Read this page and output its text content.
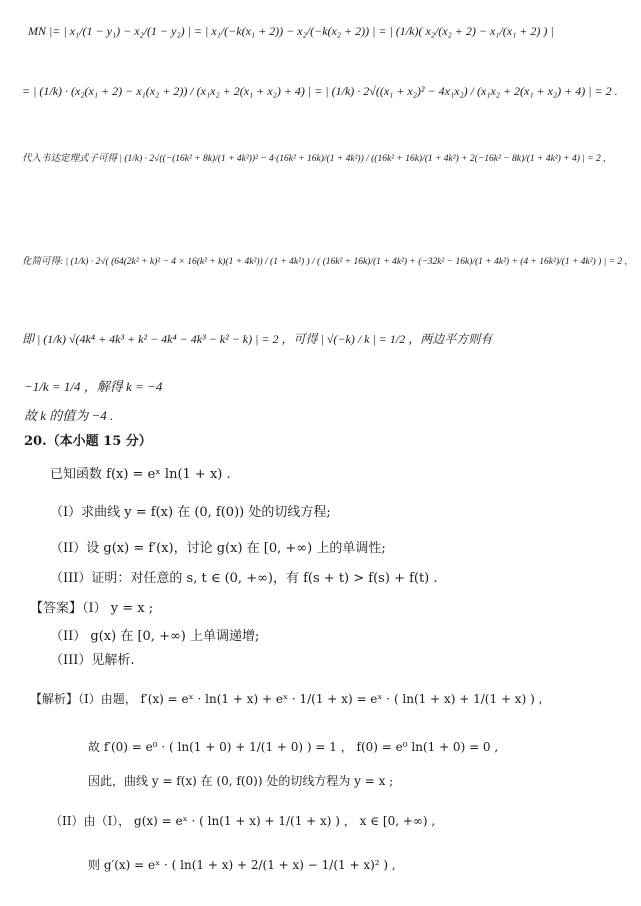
MN |= | x₁/(1 − y₁) − x₂/(1 − y₂) | = | x₁/(−k(x₁ + 2)) − x₂/(−k(x₂ + 2)) | = | (1/k)( x₂/(x₂ + 2) − x₁/(x₁ + 2) ) |
= | (1/k) · (x₂(x₁ + 2) − x₁(x₂ + 2)) / (x₁x₂ + 2(x₁ + x₂) + 4) | = | (1/k) · 2√((x₁ + x₂)² − 4x₁x₂) / (x₁x₂ + 2(x₁ + x₂) + 4) | = 2 .
代入韦达定理式子可得 | (1/k) · 2√((−(16k² + 8k)/(1 + 4k²))² − 4·(16k² + 16k)/(1 + 4k²)) / ((16k² + 16k)/(1 + 4k²) + 2(−16k² − 8k)/(1 + 4k²) + 4) | = 2 ,
化简可得: | (1/k) · 2√( (64(2k² + k)² − 4 × 16(k² + k)(1 + 4k²)) / (1 + 4k²) ) / ( (16k² + 16k)/(1 + 4k²) + (−32k² − 16k)/(1 + 4k²) + (4 + 16k²)/(1 + 4k²) ) | = 2 ,
即 | (1/k) √(4k⁴ + 4k³ + k² − 4k⁴ − 4k³ − k² − k) | = 2 ，可得 | √(−k) / k | = 1/2 ，两边平方则有
−1/k = 1/4 ，解得 k = −4
故 k 的值为 −4 .
20.（本小题 15 分）
已知函数 f(x) = eˣ ln(1 + x) .
（I）求曲线 y = f(x) 在 (0, f(0)) 处的切线方程;
（II）设 g(x) = f′(x)，讨论 g(x) 在 [0, +∞) 上的单调性;
（III）证明：对任意的 s, t ∈ (0, +∞)，有 f(s + t) > f(s) + f(t) .
【答案】（I） y = x ;
（II） g(x) 在 [0, +∞) 上单调递增;
（III）见解析.
【解析】（I）由题， f′(x) = eˣ · ln(1 + x) + eˣ · 1/(1 + x) = eˣ · ( ln(1 + x) + 1/(1 + x) ) ,
故 f′(0) = e⁰ · ( ln(1 + 0) + 1/(1 + 0) ) = 1 ， f(0) = e⁰ ln(1 + 0) = 0 ,
因此，曲线 y = f(x) 在 (0, f(0)) 处的切线方程为 y = x ;
（II）由（I）， g(x) = eˣ · ( ln(1 + x) + 1/(1 + x) ) ， x ∈ [0, +∞) ,
则 g′(x) = eˣ · ( ln(1 + x) + 2/(1 + x) − 1/(1 + x)² ) ,
